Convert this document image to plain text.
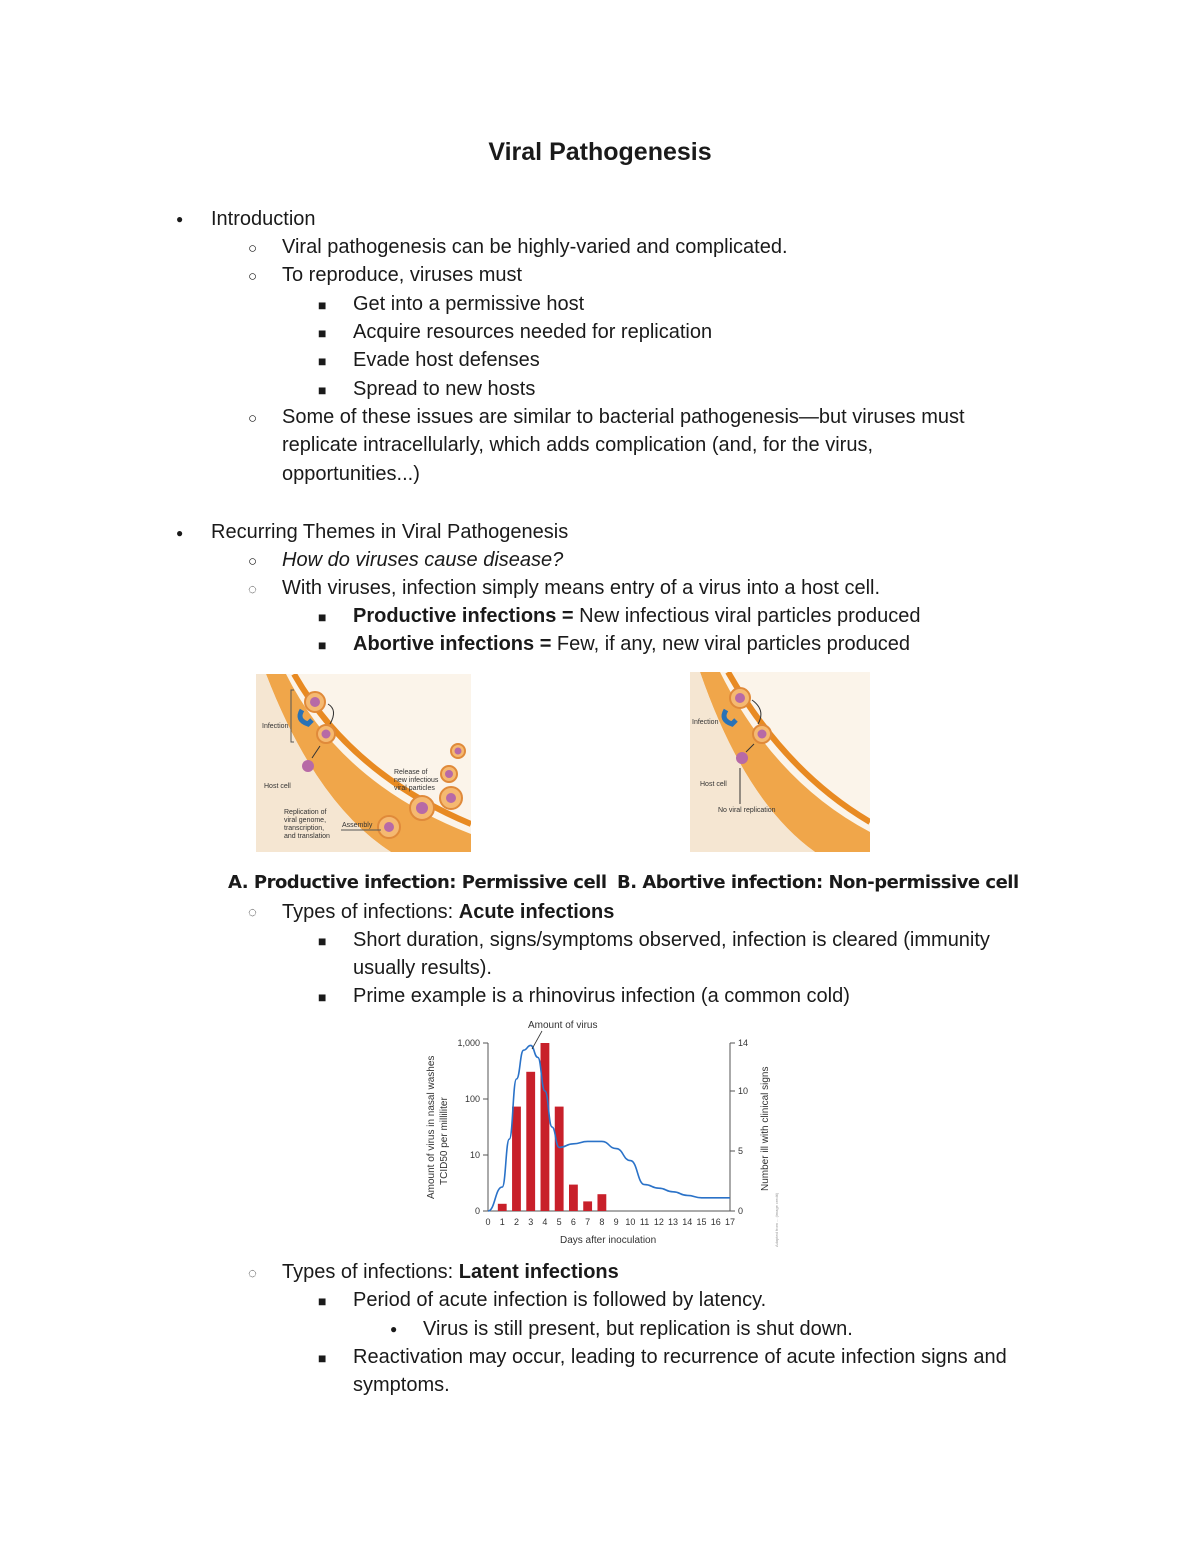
Viral Pathogenesis
● Introduction
○ Viral pathogenesis can be highly-varied and complicated.
○ To reproduce, viruses must
■ Get into a permissive host
■ Acquire resources needed for replication
■ Evade host defenses
■ Spread to new hosts
○ Some of these issues are similar to bacterial pathogenesis—but viruses must
replicate intracellularly, which adds complication (and, for the virus,
opportunities...)
● Recurring Themes in Viral Pathogenesis
○ How do viruses cause disease?
◌ With viruses, infection simply means entry of a virus into a host cell.
■ Productive infections = New infectious viral particles produced
■ Abortive infections = Few, if any, new viral particles produced
Infection
Host cell
Release of
new infectious
viral particles
Replication of
viral genome,
transcription,
and translation
Assembly
Infection
Host cell
No viral replication
A. Productive infection: Permissive cell B. Abortive infection: Non-permissive cell
◌ Types of infections: Acute infections
■ Short duration, signs/symptoms observed, infection is cleared (immunity
usually results).
■ Prime example is a rhinovirus infection (a common cold)
0 1 2 3 4 5 6 7 8 9 10 11 12 13 14 15 16 17
0
10
100
1,000
0
5
10
14
Amount of virus
Days after inoculation
Amount of virus in nasal washes TCID50 per milliliter	Number ill with clinical signs
Adapted from ... (image credit)
◌ Types of infections: Latent infections
■ Period of acute infection is followed by latency.
● Virus is still present, but replication is shut down.
■ Reactivation may occur, leading to recurrence of acute infection signs and
symptoms.
